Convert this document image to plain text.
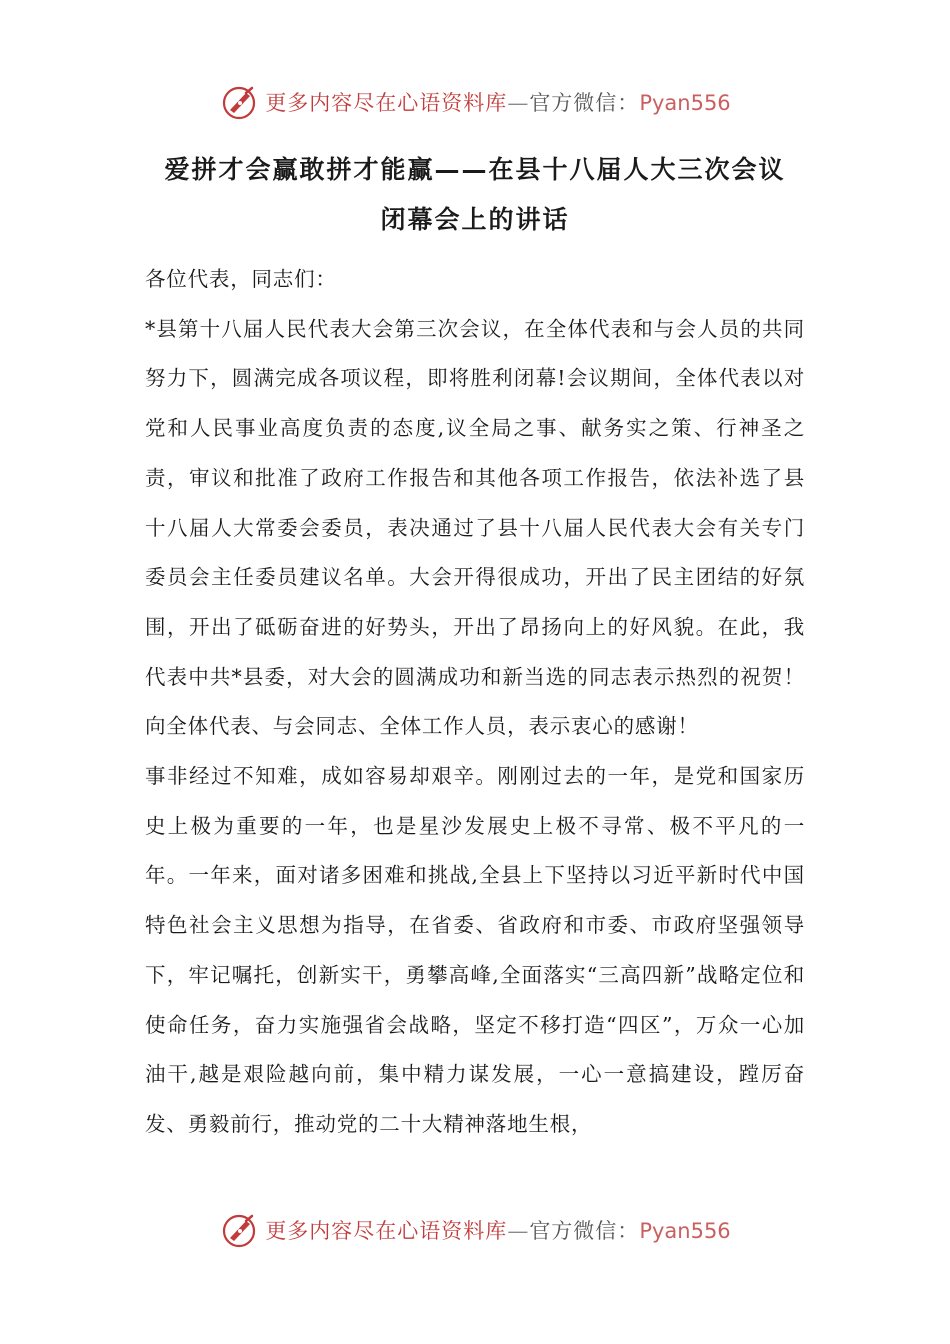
更多内容尽在心语资料库—官方微信：Pyan556
爱拼才会赢敢拼才能赢——在县十八届人大三次会议
闭幕会上的讲话

各位代表，同志们：

*县第十八届人民代表大会第三次会议，在全体代表和与会人员的共同努力下，圆满完成各项议程，即将胜利闭幕!会议期间，全体代表以对党和人民事业高度负责的态度,议全局之事、献务实之策、行神圣之责，审议和批准了政府工作报告和其他各项工作报告，依法补选了县十八届人大常委会委员，表决通过了县十八届人民代表大会有关专门委员会主任委员建议名单。大会开得很成功，开出了民主团结的好氛围，开出了砥砺奋进的好势头，开出了昂扬向上的好风貌。在此，我代表中共*县委，对大会的圆满成功和新当选的同志表示热烈的祝贺！向全体代表、与会同志、全体工作人员，表示衷心的感谢！

事非经过不知难，成如容易却艰辛。刚刚过去的一年，是党和国家历史上极为重要的一年，也是星沙发展史上极不寻常、极不平凡的一年。一年来，面对诸多困难和挑战,全县上下坚持以习近平新时代中国特色社会主义思想为指导，在省委、省政府和市委、市政府坚强领导下，牢记嘱托，创新实干，勇攀高峰,全面落实“三高四新”战略定位和使命任务，奋力实施强省会战略，坚定不移打造“四区”，万众一心加油干,越是艰险越向前，集中精力谋发展，一心一意搞建设，蹚厉奋发、勇毅前行，推动党的二十大精神落地生根，

更多内容尽在心语资料库—官方微信：Pyan556
